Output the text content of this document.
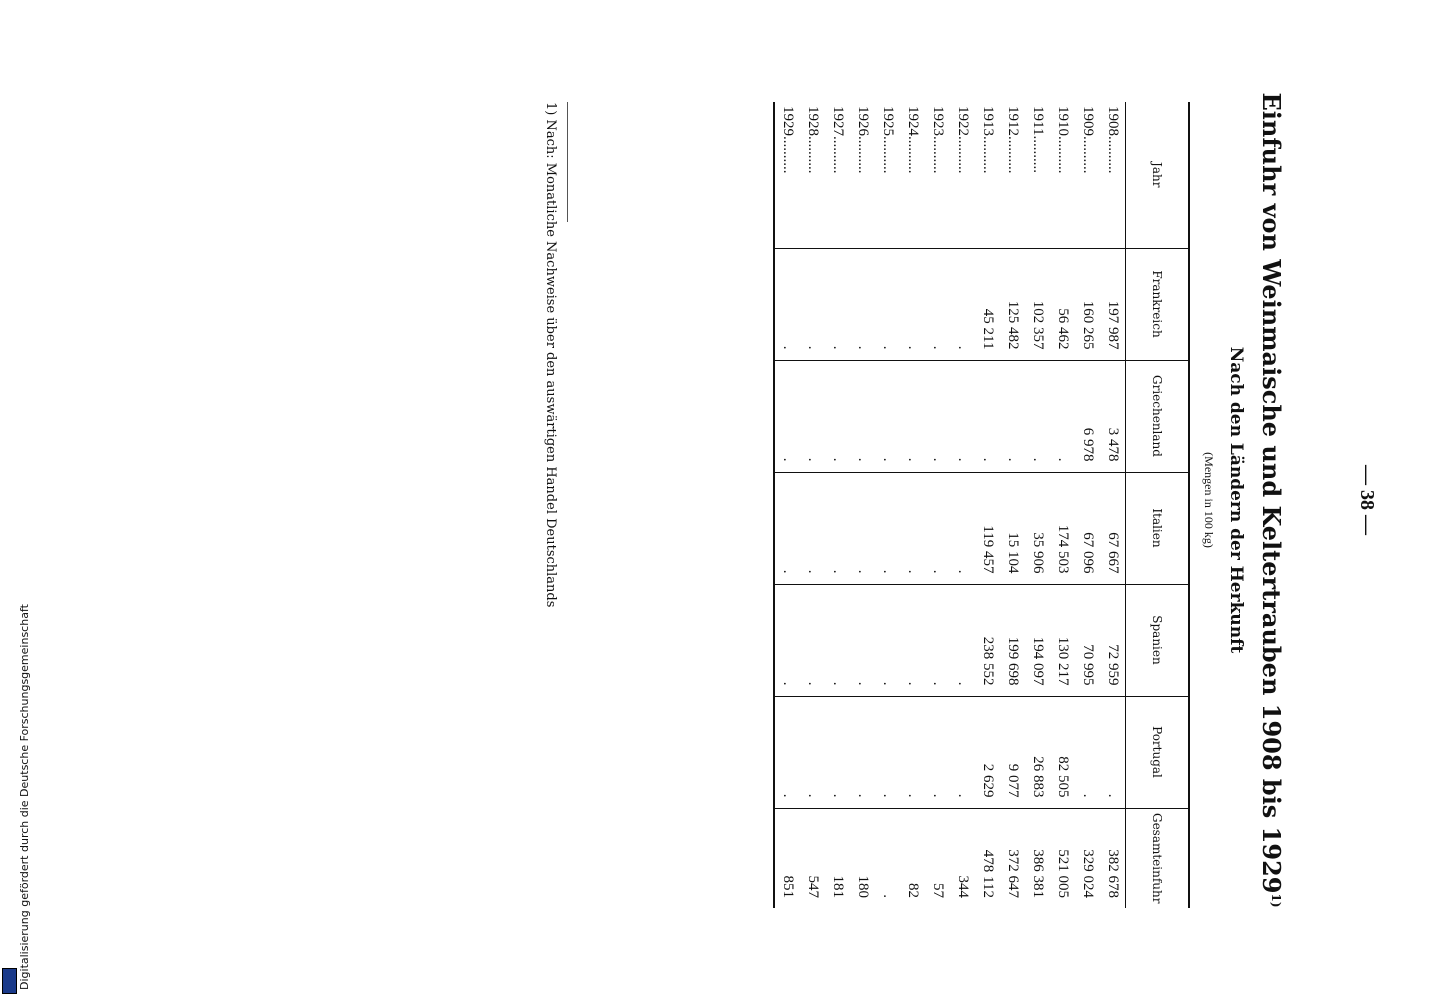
— 38 —
Einfuhr von Weinmaische und Keltertrauben 1908 bis 1929$^{1)}$
Nach den Ländern der Herkunft
(Mengen in 100 kg)
Jahr	Frankreich	Griechenland	Italien	Spanien	Portugal	Gesamteinfuhr
1908..........	197 987	3 478	67 667	72 959	.	382 678
1909..........	160 265	6 978	67 096	70 995	.	329 024
1910..........	56 462	.	174 503	130 217	82 505	521 005
1911..........	102 357	.	35 906	194 097	26 883	386 381
1912..........	125 482	.	15 104	199 698	9 077	372 647
1913..........	45 211	.	119 457	238 552	2 629	478 112
1922..........	.	.	.	.	.	344
1923..........	.	.	.	.	.	57
1924..........	.	.	.	.	.	82
1925..........	.	.	.	.	.	.
1926..........	.	.	.	.	.	180
1927..........	.	.	.	.	.	181
1928..........	.	.	.	.	.	547
1929..........	.	.	.	.	.	851
1) Nach: Monatliche Nachweise über den auswärtigen Handel Deutschlands
Digitalisierung gefördert durch die Deutsche Forschungsgemeinschaft
